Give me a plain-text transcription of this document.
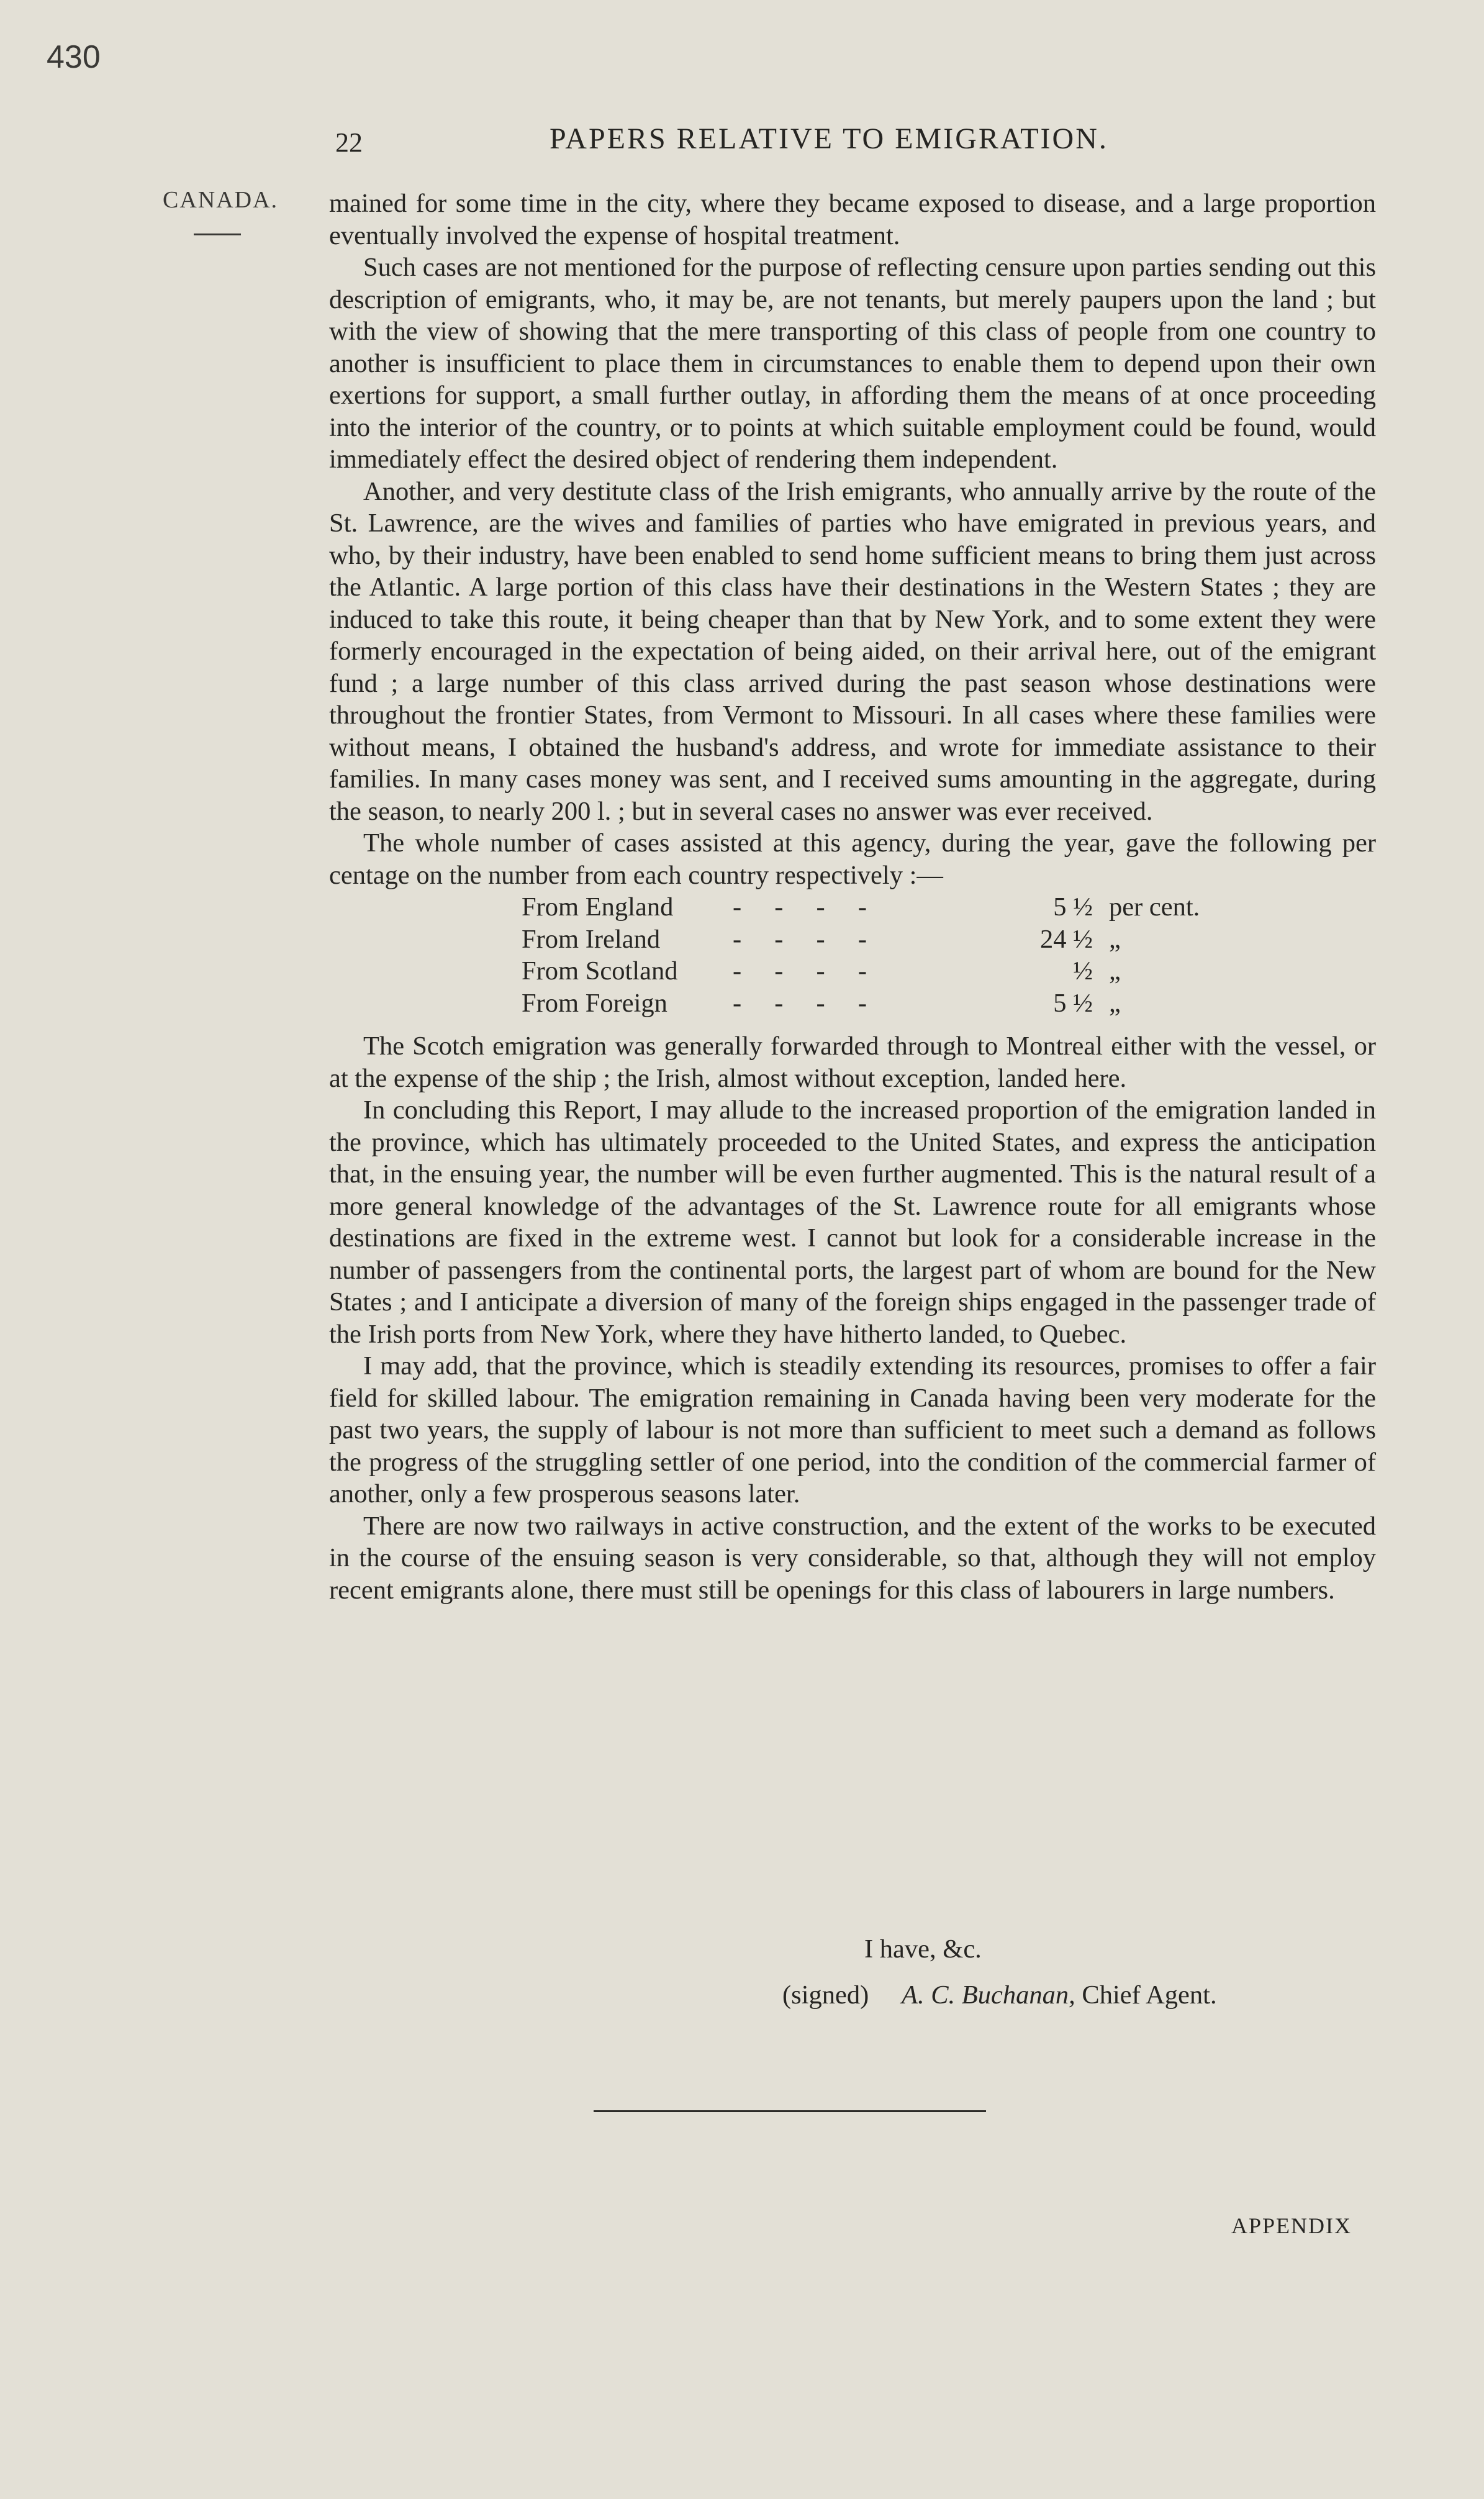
430
22	PAPERS RELATIVE TO EMIGRATION.
CANADA. mained for some time in the city, where they became exposed to disease, and a large proportion eventually involved the expense of hospital treatment.

Such cases are not mentioned for the purpose of reflecting censure upon parties sending out this description of emigrants, who, it may be, are not tenants, but merely paupers upon the land ; but with the view of showing that the mere transporting of this class of people from one country to another is insufficient to place them in circumstances to enable them to depend upon their own exertions for support, a small further outlay, in affording them the means of at once proceeding into the interior of the country, or to points at which suitable employment could be found, would immediately effect the desired object of rendering them independent.

Another, and very destitute class of the Irish emigrants, who annually arrive by the route of the St. Lawrence, are the wives and families of parties who have emigrated in previous years, and who, by their industry, have been enabled to send home sufficient means to bring them just across the Atlantic. A large portion of this class have their destinations in the Western States ; they are induced to take this route, it being cheaper than that by New York, and to some extent they were formerly encouraged in the expectation of being aided, on their arrival here, out of the emigrant fund ; a large number of this class arrived during the past season whose destinations were throughout the frontier States, from Vermont to Missouri. In all cases where these families were without means, I obtained the husband's address, and wrote for immediate assistance to their families. In many cases money was sent, and I received sums amounting in the aggregate, during the season, to nearly 200 l. ; but in several cases no answer was ever received.

The whole number of cases assisted at this agency, during the year, gave the following per centage on the number from each country respectively :—

From England -     -     -     -	5 ½ per cent.
From Ireland	-     -     -     -	24 ½ „
From Scotland -     -     -     -	½ „
From Foreign -     -     -     -	5 ½ „

The Scotch emigration was generally forwarded through to Montreal either with the vessel, or at the expense of the ship ; the Irish, almost without exception, landed here.

In concluding this Report, I may allude to the increased proportion of the emigration landed in the province, which has ultimately proceeded to the United States, and express the anticipation that, in the ensuing year, the number will be even further augmented. This is the natural result of a more general knowledge of the advantages of the St. Lawrence route for all emigrants whose destinations are fixed in the extreme west. I cannot but look for a considerable increase in the number of passengers from the continental ports, the largest part of whom are bound for the New States ; and I anticipate a diversion of many of the foreign ships engaged in the passenger trade of the Irish ports from New York, where they have hitherto landed, to Quebec.

I may add, that the province, which is steadily extending its resources, promises to offer a fair field for skilled labour. The emigration remaining in Canada having been very moderate for the past two years, the supply of labour is not more than sufficient to meet such a demand as follows the progress of the struggling settler of one period, into the condition of the commercial farmer of another, only a few prosperous seasons later.

There are now two railways in active construction, and the extent of the works to be executed in the course of the ensuing season is very considerable, so that, although they will not employ recent emigrants alone, there must still be openings for this class of labourers in large numbers.

I have, &c.
(signed) A. C. Buchanan, Chief Agent.
APPENDIX
